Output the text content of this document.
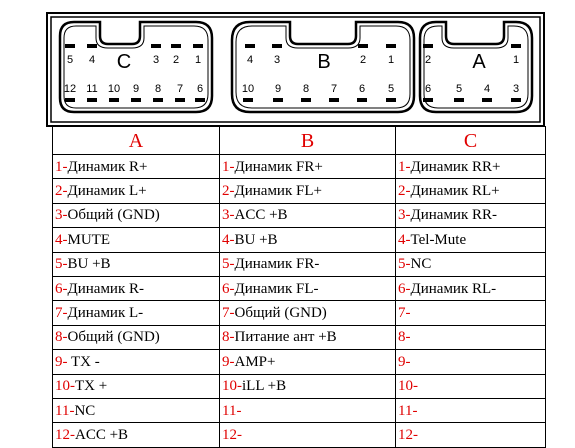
C
5 4	3 2 1
12 11 10 9 8 7 6
B
4 3	2 1
10 9 8 7 6 5
A
2	1
6 5 4 3
A	B	C
1-Динамик R+	1-Динамик FR+	1-Динамик RR+
2-Динамик L+	2-Динамик FL+	2-Динамик RL+
3-Общий (GND)	3-ACC +B	3-Динамик RR-
4-MUTE	4-BU +B	4-Tel-Mute
5-BU +B	5-Динамик FR-	5-NC
6-Динамик R-	6-Динамик FL-	6-Динамик RL-
7-Динамик L-	7-Общий (GND)	7-
8-Общий (GND)	8-Питание ант +B	8-
9- TX -	9-AMP+	9-
10-TX +	10-iLL +B	10-
11-NC	11-	11-
12-ACC +B	12-	12-
